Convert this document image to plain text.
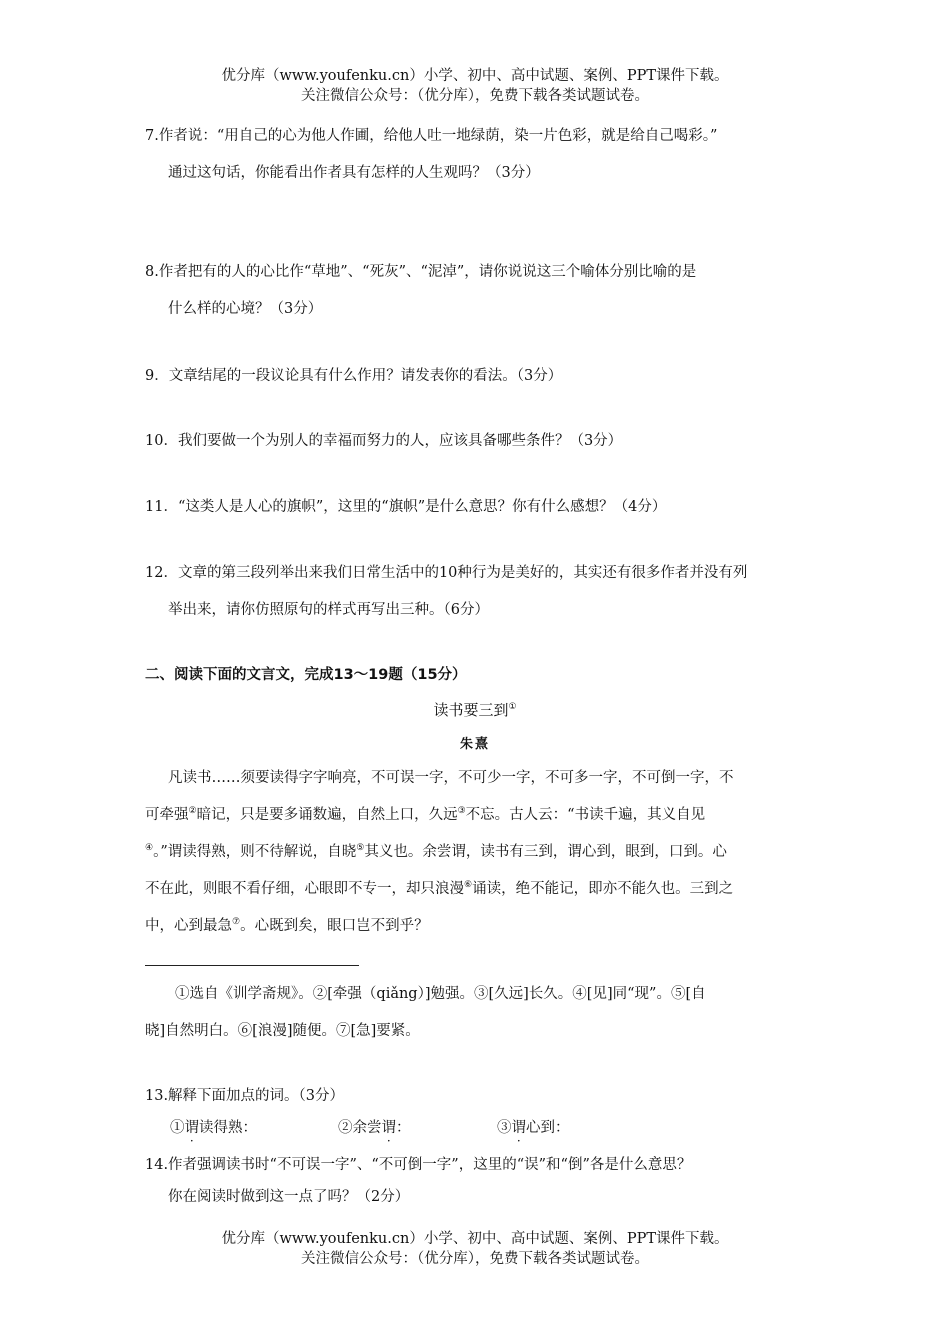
优分库（www.youfenku.cn）小学、初中、高中试题、案例、PPT课件下载。
关注微信公众号：（优分库），免费下载各类试题试卷。
7.作者说：“用自己的心为他人作圃，给他人吐一地绿荫，染一片色彩，就是给自己喝彩。”
通过这句话，你能看出作者具有怎样的人生观吗？（3分）
8.作者把有的人的心比作“草地”、“死灰”、“泥淖”，请你说说这三个喻体分别比喻的是
什么样的心境？（3分）
9．文章结尾的一段议论具有什么作用？请发表你的看法。（3分）
10．我们要做一个为别人的幸福而努力的人，应该具备哪些条件？（3分）
11．“这类人是人心的旗帜”，这里的“旗帜”是什么意思？你有什么感想？（4分）
12．文章的第三段列举出来我们日常生活中的10种行为是美好的，其实还有很多作者并没有列
举出来，请你仿照原句的样式再写出三种。（6分）
二、阅读下面的文言文，完成13～19题（15分）
读书要三到①
朱熹
凡读书……须要读得字字响亮，不可误一字，不可少一字，不可多一字，不可倒一字，不
可牵强②暗记，只是要多诵数遍，自然上口，久远③不忘。古人云：“书读千遍，其义自见
④。”谓读得熟，则不待解说，自晓⑤其义也。余尝谓，读书有三到，谓心到，眼到，口到。心
不在此，则眼不看仔细，心眼即不专一，却只浪漫⑥诵读，绝不能记，即亦不能久也。三到之
中，心到最急⑦。心既到矣，眼口岂不到乎？
①选自《训学斋规》。②[牵强（qiǎng）]勉强。③[久远]长久。④[见]同“现”。⑤[自
晓]自然明白。⑥[浪漫]随便。⑦[急]要紧。
13.解释下面加点的词。（3分）
①谓读得熟：	②余尝谓：	③谓心到：
14.作者强调读书时“不可误一字”、“不可倒一字”，这里的“误”和“倒”各是什么意思？
你在阅读时做到这一点了吗？（2分）
优分库（www.youfenku.cn）小学、初中、高中试题、案例、PPT课件下载。
关注微信公众号：（优分库），免费下载各类试题试卷。
